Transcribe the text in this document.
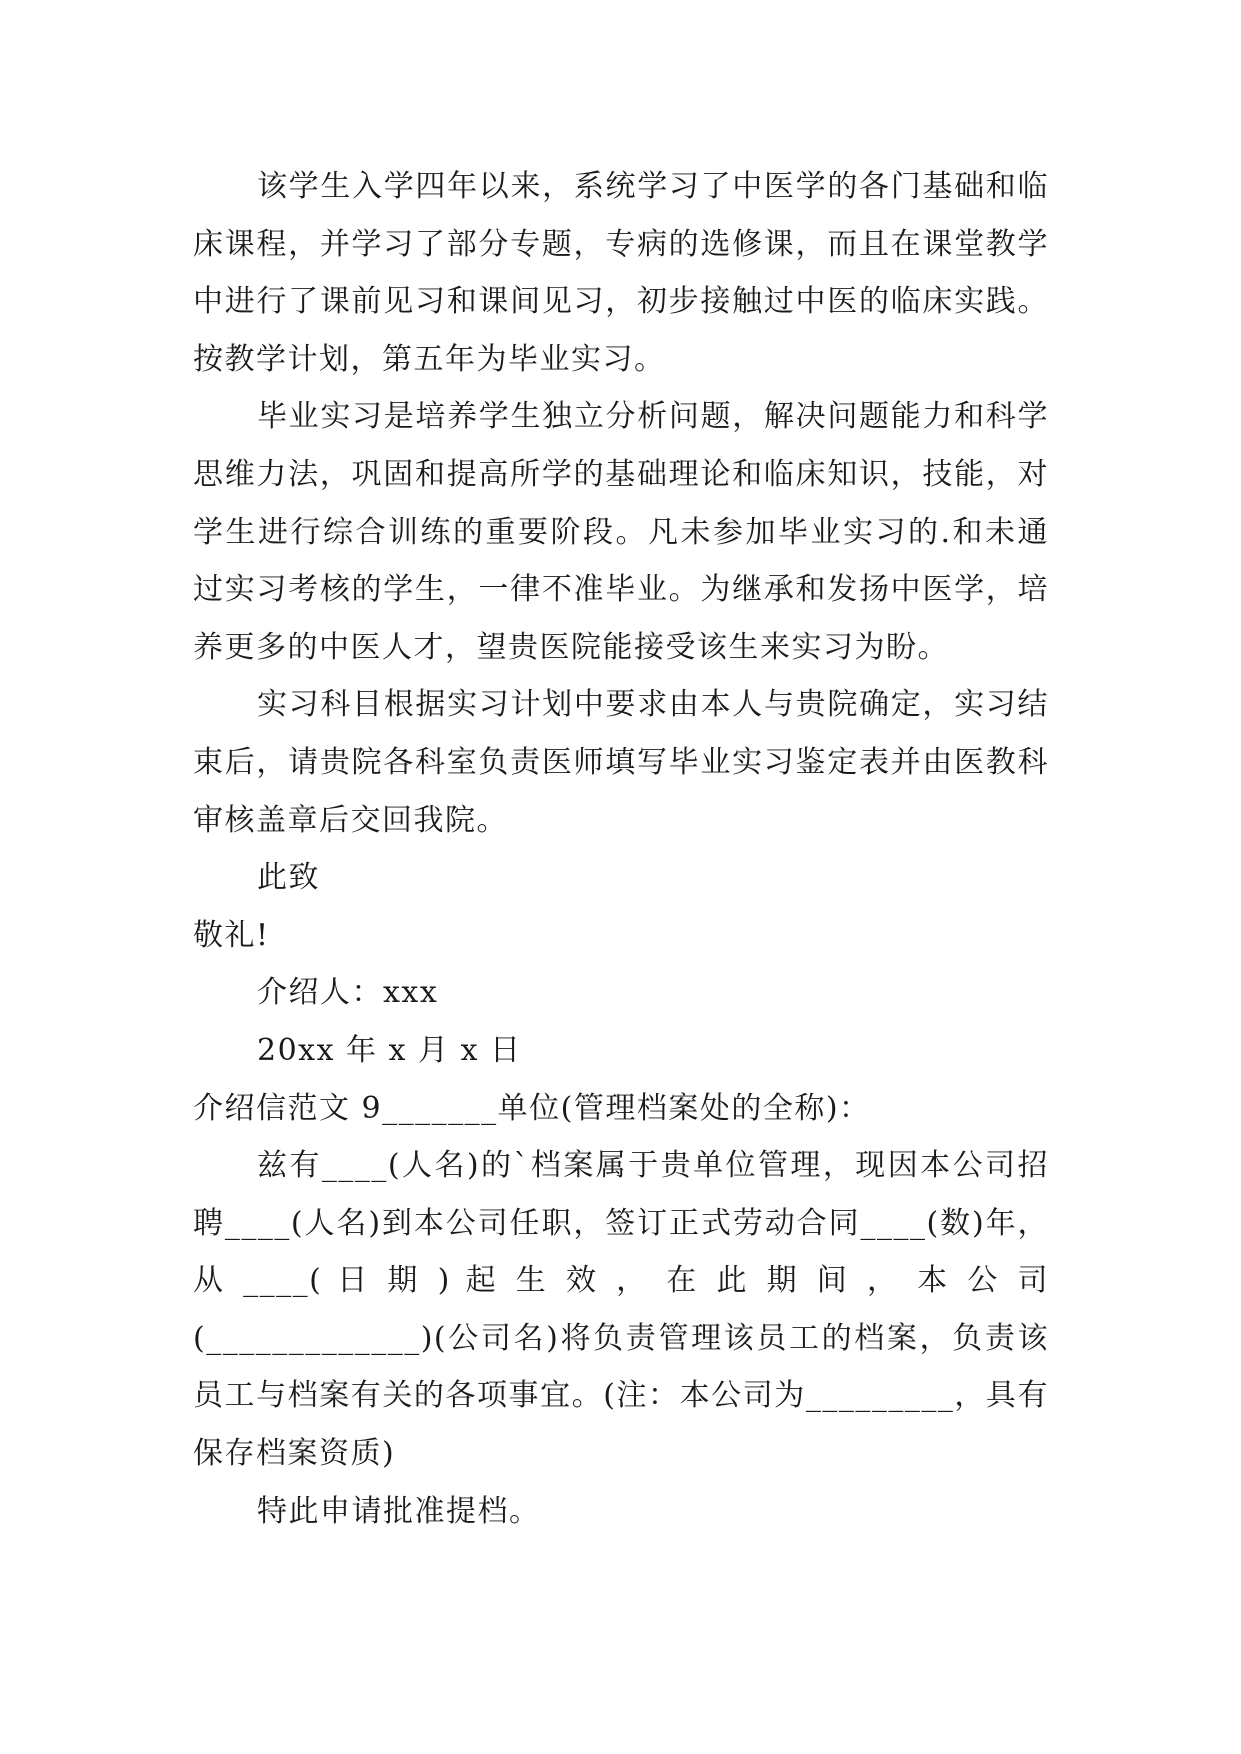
该学生入学四年以来，系统学习了中医学的各门基础和临床课程，并学习了部分专题，专病的选修课，而且在课堂教学中进行了课前见习和课间见习，初步接触过中医的临床实践。按教学计划，第五年为毕业实习。

毕业实习是培养学生独立分析问题，解决问题能力和科学思维力法，巩固和提高所学的基础理论和临床知识，技能，对学生进行综合训练的重要阶段。凡未参加毕业实习的.和未通过实习考核的学生，一律不准毕业。为继承和发扬中医学，培养更多的中医人才，望贵医院能接受该生来实习为盼。

实习科目根据实习计划中要求由本人与贵院确定，实习结束后，请贵院各科室负责医师填写毕业实习鉴定表并由医教科审核盖章后交回我院。

此致

敬礼!

介绍人：xxx

20xx 年 x 月 x 日

介绍信范文 9_______单位(管理档案处的全称)：

兹有____(人名)的`档案属于贵单位管理，现因本公司招聘____(人名)到本公司任职，签订正式劳动合同____(数)年， 从 ____( 日 期 ) 起 生 效 ， 在 此 期 间 ， 本 公 司(_____________)(公司名)将负责管理该员工的档案，负责该员工与档案有关的各项事宜。(注：本公司为_________，具有保存档案资质)

特此申请批准提档。
